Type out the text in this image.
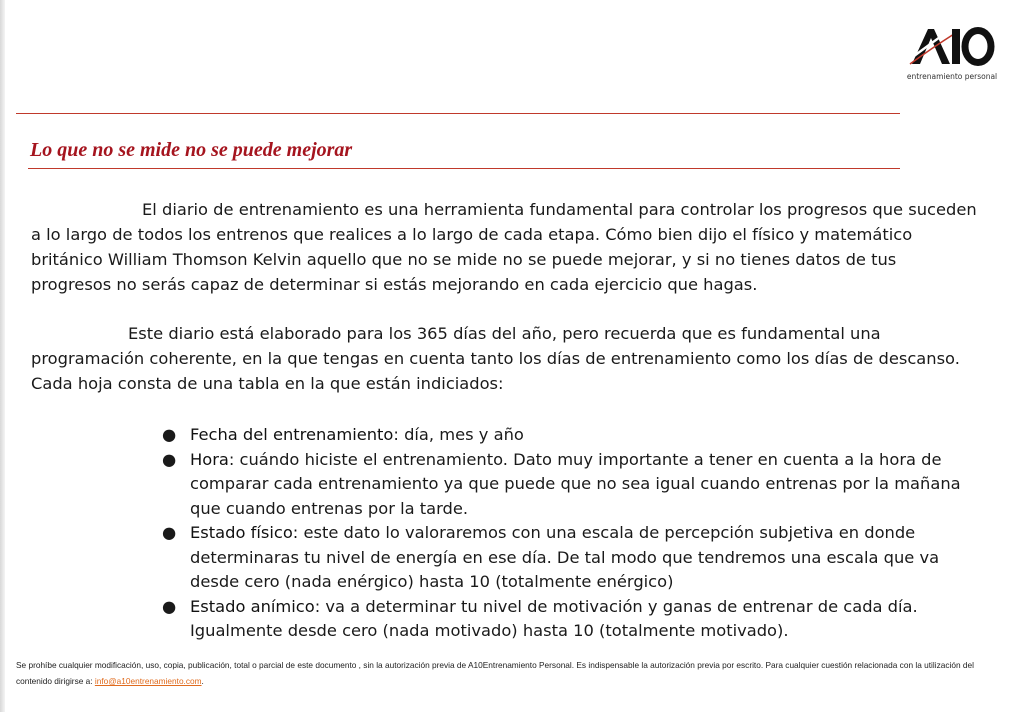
entrenamiento personal
Lo que no se mide no se puede mejorar

El diario de entrenamiento es una herramienta fundamental para controlar los progresos que suceden a lo largo de todos los entrenos que realices a lo largo de cada etapa. Cómo bien dijo el físico y matemático británico William Thomson Kelvin aquello que no se mide no se puede mejorar, y si no tienes datos de tus progresos no serás capaz de determinar si estás mejorando en cada ejercicio que hagas.

Este diario está elaborado para los 365 días del año, pero recuerda que es fundamental una programación coherente, en la que tengas en cuenta tanto los días de entrenamiento como los días de descanso. Cada hoja consta de una tabla en la que están indiciados:

● Fecha del entrenamiento: día, mes y año
● Hora: cuándo hiciste el entrenamiento. Dato muy importante a tener en cuenta a la hora de comparar cada entrenamiento ya que puede que no sea igual cuando entrenas por la mañana que cuando entrenas por la tarde.
● Estado físico: este dato lo valoraremos con una escala de percepción subjetiva en donde determinaras tu nivel de energía en ese día. De tal modo que tendremos una escala que va desde cero (nada enérgico) hasta 10 (totalmente enérgico)
● Estado anímico: va a determinar tu nivel de motivación y ganas de entrenar de cada día. Igualmente desde cero (nada motivado) hasta 10 (totalmente motivado).

Se prohíbe cualquier modificación, uso, copia, publicación, total o parcial de este documento , sin la autorización previa de A10Entrenamiento Personal. Es indispensable la autorización previa por escrito. Para cualquier cuestión relacionada con la utilización del contenido dirigirse a: info@a10entrenamiento.com.
